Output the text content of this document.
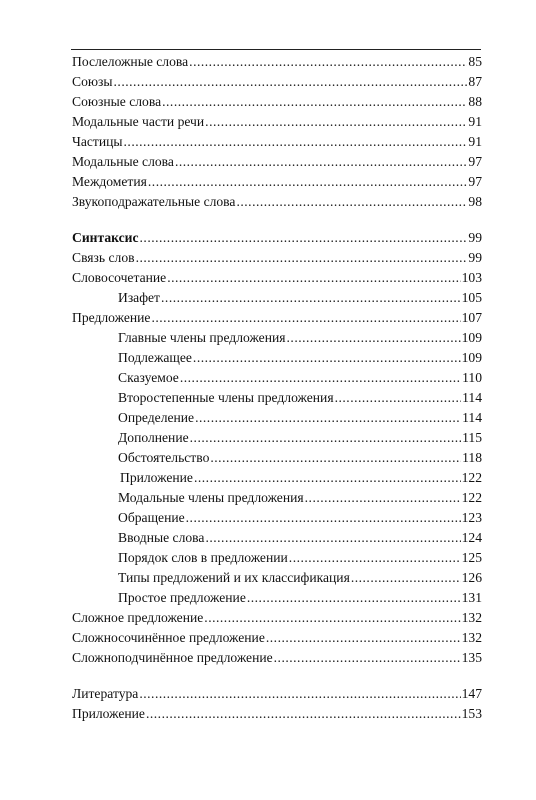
Послеложные слова .....	85
Союзы .....	87
Союзные слова .....	88
Модальные части речи .....	91
Частицы .....	91
Модальные слова .....	97
Междометия .....	97
Звукоподражательные слова .....	98
Синтаксис .....	99
Связь слов .....	99
Словосочетание .....	103
Изафет .....	105
Предложение .....	107
Главные члены предложения .....	109
Подлежащее .....	109
Сказуемое .....	110
Второстепенные члены предложения .....	114
Определение .....	114
Дополнение .....	115
Обстоятельство .....	118
Приложение .....	122
Модальные члены предложения .....	122
Обращение .....	123
Вводные слова .....	124
Порядок слов в предложении .....	125
Типы предложений и их классификация .....	126
Простое предложение .....	131
Сложное предложение .....	132
Сложносочинённое предложение .....	132
Сложноподчинённое предложение .....	135
Литература .....	147
Приложение .....	153
